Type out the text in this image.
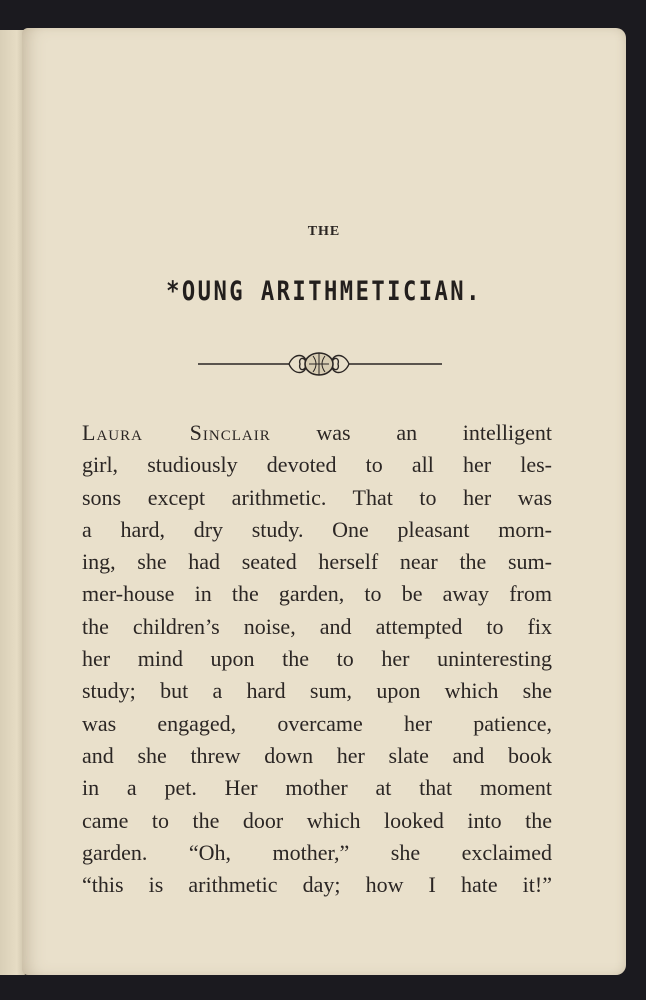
THE
*OUNG ARITHMETICIAN.
Laura Sinclair was an intelligent
girl, studiously devoted to all her les-
sons except arithmetic. That to her was
a hard, dry study. One pleasant morn-
ing, she had seated herself near the sum-
mer-house in the garden, to be away from
the children’s noise, and attempted to fix
her mind upon the to her uninteresting
study; but a hard sum, upon which she
was engaged, overcame her patience,
and she threw down her slate and book
in a pet. Her mother at that moment
came to the door which looked into the
garden. “Oh, mother,” she exclaimed
“this is arithmetic day; how I hate it!”
